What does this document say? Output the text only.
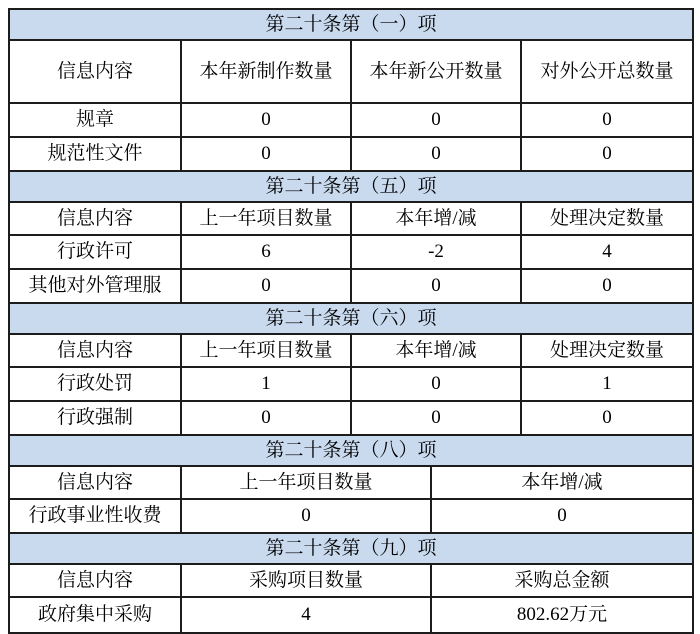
第二十条第（一）项			
信息内容	本年新制作数量	本年新公开数量	对外公开总数量
规章	0	0	0
规范性文件	0	0	0
第二十条第（五）项			
信息内容	上一年项目数量	本年增/减	处理决定数量
行政许可	6	-2	4
其他对外管理服	0	0	0
第二十条第（六）项			
信息内容	上一年项目数量	本年增/减	处理决定数量
行政处罚	1	0	1
行政强制	0	0	0
第二十条第（八）项		
信息内容	上一年项目数量	本年增/减
行政事业性收费	0	0
第二十条第（九）项		
信息内容	采购项目数量	采购总金额
政府集中采购	4	802.62万元
